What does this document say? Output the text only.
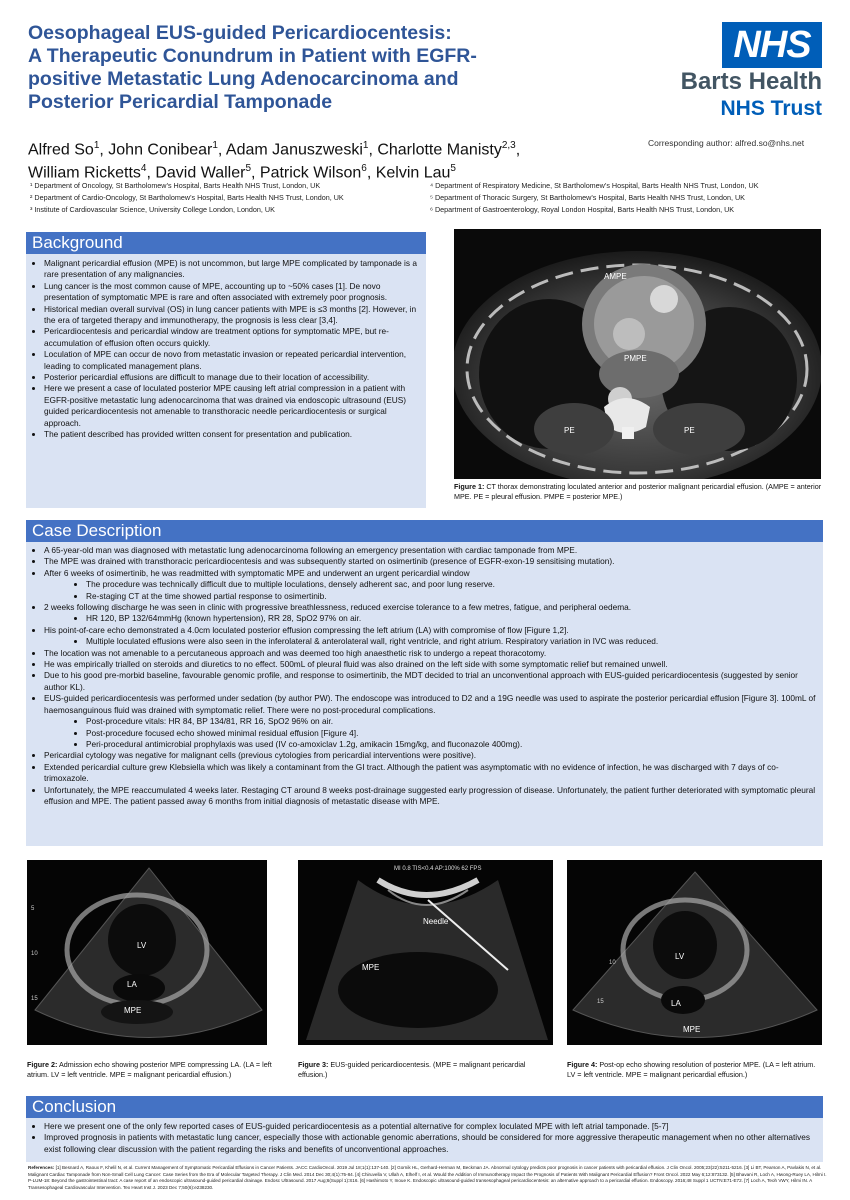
Oesophageal EUS-guided Pericardiocentesis:
A Therapeutic Conundrum in Patient with EGFR-
positive Metastatic Lung Adenocarcinoma and
Posterior Pericardial Tamponade
Alfred So$^1$, John Conibear$^1$, Adam Januszweski$^1$, Charlotte Manisty$^{2,3}$,
William Ricketts$^4$, David Waller$^5$, Patrick Wilson$^6$, Kelvin Lau$^5$
NHS
Barts Health
NHS Trust
Corresponding author: alfred.so@nhs.net
¹ Department of Oncology, St Bartholomew’s Hospital, Barts Health NHS Trust, London, UK
² Department of Cardio-Oncology, St Bartholomew’s Hospital, Barts Health NHS Trust, London, UK
³ Institute of Cardiovascular Science, University College London, London, UK
⁴ Department of Respiratory Medicine, St Bartholomew’s Hospital, Barts Health NHS Trust, London, UK
⁵ Department of Thoracic Surgery, St Bartholomew’s Hospital, Barts Health NHS Trust, London, UK
⁶ Department of Gastroenterology, Royal London Hospital, Barts Health NHS Trust, London, UK
Background
• Malignant pericardial effusion (MPE) is not uncommon, but large MPE complicated by tamponade is a rare presentation of any malignancies.
• Lung cancer is the most common cause of MPE, accounting up to ~50% cases [1]. De novo presentation of symptomatic MPE is rare and often associated with extremely poor prognosis.
• Historical median overall survival (OS) in lung cancer patients with MPE is ≤3 months [2]. However, in the era of targeted therapy and immunotherapy, the prognosis is less clear [3,4].
• Pericardiocentesis and pericardial window are treatment options for symptomatic MPE, but re-accumulation of effusion often occurs quickly.
• Loculation of MPE can occur de novo from metastatic invasion or repeated pericardial intervention, leading to complicated management plans.
• Posterior pericardial effusions are difficult to manage due to their location of accessibility.
• Here we present a case of loculated posterior MPE causing left atrial compression in a patient with EGFR-positive metastatic lung adenocarcinoma that was drained via endoscopic ultrasound (EUS) guided pericardiocentesis not amenable to transthoracic needle pericardiocentesis or surgical approach.
• The patient described has provided written consent for presentation and publication.
AMPE
PMPE
PE	PE
Figure 1: CT thorax demonstrating loculated anterior and posterior malignant pericardial effusion. (AMPE = anterior MPE. PE = pleural effusion. PMPE = posterior MPE.)
Case Description
• A 65-year-old man was diagnosed with metastatic lung adenocarcinoma following an emergency presentation with cardiac tamponade from MPE.
• The MPE was drained with transthoracic pericardiocentesis and was subsequently started on osimertinib (presence of EGFR-exon-19 sensitising mutation).
• After 6 weeks of osimertinib, he was readmitted with symptomatic MPE and underwent an urgent pericardial window
• The procedure was technically difficult due to multiple loculations, densely adherent sac, and poor lung reserve.
• Re-staging CT at the time showed partial response to osimertinib.
• 2 weeks following discharge he was seen in clinic with progressive breathlessness, reduced exercise tolerance to a few metres, fatigue, and peripheral oedema.
• HR 120, BP 132/64mmHg (known hypertension), RR 28, SpO2 97% on air.
• His point-of-care echo demonstrated a 4.0cm loculated posterior effusion compressing the left atrium (LA) with compromise of flow [Figure 1,2].
• Multiple loculated effusions were also seen in the inferolateral & anterolateral wall, right ventricle, and right atrium. Respiratory variation in IVC was reduced.
• The location was not amenable to a percutaneous approach and was deemed too high anaesthetic risk to undergo a repeat thoracotomy.
• He was empirically trialled on steroids and diuretics to no effect. 500mL of pleural fluid was also drained on the left side with some symptomatic relief but remained unwell.
• Due to his good pre-morbid baseline, favourable genomic profile, and response to osimertinib, the MDT decided to trial an unconventional approach with EUS-guided pericardiocentesis (suggested by senior author KL).
• EUS-guided pericardiocentesis was performed under sedation (by author PW). The endoscope was introduced to D2 and a 19G needle was used to aspirate the posterior pericardial effusion [Figure 3]. 100mL of haemosanguinous fluid was drained with symptomatic relief. There were no post-procedural complications.
• Post-procedure vitals: HR 84, BP 134/81, RR 16, SpO2 96% on air.
• Post-procedure focused echo showed minimal residual effusion [Figure 4].
• Peri-procedural antimicrobial prophylaxis was used (IV co-amoxiclav 1.2g, amikacin 15mg/kg, and fluconazole 400mg).
• Pericardial cytology was negative for malignant cells (previous cytologies from pericardial interventions were positive).
• Extended pericardial culture grew Klebsiella which was likely a contaminant from the GI tract. Although the patient was asymptomatic with no evidence of infection, he was discharged with 7 days of co-trimoxazole.
• Unfortunately, the MPE reaccumulated 4 weeks later. Restaging CT around 8 weeks post-drainage suggested early progression of disease. Unfortunately, the patient further deteriorated with symptomatic pleural effusion and MPE. The patient passed away 6 months from initial diagnosis of metastatic disease with MPE.
LV
LA
MPE
5
10
15
Figure 2: Admission echo showing posterior MPE compressing LA. (LA = left atrium. LV = left ventricle. MPE = malignant pericardial effusion.)
MI 0.8 TIS<0.4 AP:100% 62 FPS
Needle
MPE
Figure 3: EUS-guided pericardiocentesis. (MPE = malignant pericardial effusion.)
LV
LA
MPE
10
15
Figure 4: Post-op echo showing resolution of posterior MPE. (LA = left atrium. LV = left ventricle. MPE = malignant pericardial effusion.)
Conclusion
• Here we present one of the only few reported cases of EUS-guided pericardiocentesis as a potential alternative for complex loculated MPE with left atrial tamponade. [5-7]
• Improved prognosis in patients with metastatic lung cancer, especially those with actionable genomic aberrations, should be considered for more aggressive therapeutic management when no other alternatives exist following clear discussion with the patient regarding the risks and benefits of unconventional approaches.
References: [1] Besnard A, Raoux F, Khelil N, et al. Current Management of Symptomatic Pericardial Effusions in Cancer Patients. JACC CardioOncol. 2019 Jul 18;1(1):137-140. [2] Gornik HL, Gerhard-Herman M, Beckman JA. Abnormal cytology predicts poor prognosis in cancer patients with pericardial effusion. J Clin Oncol. 2005;23(22):5211-5216. [3] Li BT, Pearson A, Pavlakis N, et al. Malignant Cardiac Tamponade from Non-Small Cell Lung Cancer: Case Series from the Era of Molecular Targeted Therapy. J Clin Med. 2014 Dec 30;4(1):75-84. [4] Chiruvella V, Ullah A, Elhelf I, et al. Would the Addition of Immunotherapy Impact the Prognosis of Patients With Malignant Pericardial Effusion? Front Oncol. 2022 May 6;12:873132. [5] Bhavani R, Loch A, Hwong-Ruey LA, Hilmi I. P-LUM-18: Beyond the gastrointestinal tract: A case report of an endoscopic ultrasound-guided pericardial drainage. Endosc Ultrasound. 2017 Aug;6(Suppl 1):S16. [6] Hashimoto Y, Inoue K. Endoscopic ultrasound-guided transesophageal pericardiocentesis: an alternative approach to a pericardial effusion. Endoscopy. 2016;48 Suppl 1 UCTN:E71-E72. [7] Loch A, Teoh VWY, Hilmi IN. A Transesophageal Cardiovascular Intervention. Tex Heart Inst J. 2023 Dec 7;50(6):e238230.
